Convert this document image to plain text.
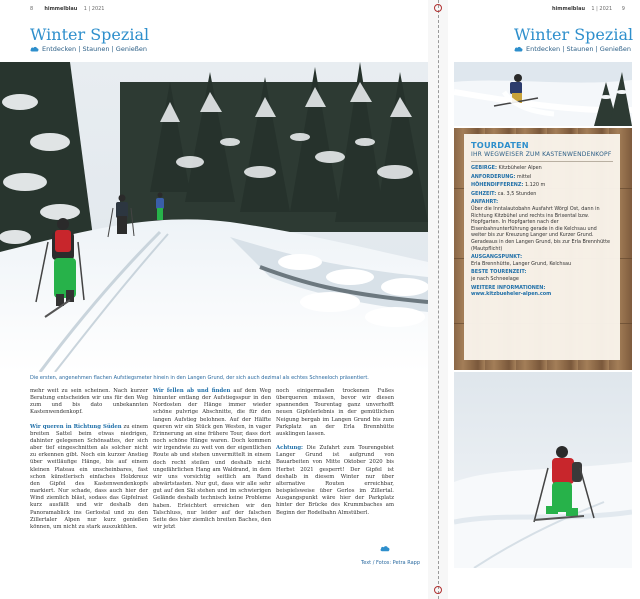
8 himmelblau 1 | 2021
Winter Spezial
Entdecken | Staunen | Genießen
Die ersten, angenehmen flachen Aufstiegsmeter hinein in den Langen Grund, der sich auch dezimal als echtes Schneeloch präsentiert.

mehr weit zu sein scheinen. Nach kurzer Beratung entscheiden wir uns für den Weg zum und bis dato unbekannten Kastenwendenkopf.

Wir queren in Richtung Süden zu einem breiten Sattel beim etwas niedrigen, dahinter gelegenen Schönsattes, der sich aber tief eingeschnitten als solcher nicht zu erkennen gibt. Noch ein kurzer Anstieg über weitläufige Hänge, bis auf einem kleinen Plateau ein unscheinbares, fast schon künstlerisch einfaches Holzkreuz den Gipfel des Kastenwendenkopfs markiert. Nur schade, dass auch hier der Wind ziemlich bläst, sodass das Gipfelrast kurz ausfällt und wir deshalb den Panoramablick ins Gerlostal und zu den Zillertaler Alpen nur kurz genießen können, um nicht zu stark auszukühlen.

Wir fellen ab und finden auf dem Weg hinunter entlang der Aufstiegsspur in den Nordosten der Hänge immer wieder schöne pulvrige Abschnitte, die für den langen Aufstieg belohnen. Auf der Hälfte queren wir ein Stück gen Westen, in vager Erinnerung an eine frühere Tour, dass dort noch schöne Hänge waren. Doch kommen wir irgendwie zu weit von der eigentlichen Route ab und stehen unvermittelt in einem doch recht steilen und deshalb nicht ungefährlichen Hang am Waldrand, in dem wir uns vorsichtig seitlich am Rand abwärtstasten. Nur gut, dass wir alle sehr gut auf den Ski stehen und im schwierigen Gelände deshalb technisch keine Probleme haben. Erleichtert erreichen wir den Talschluss, nur leider auf der falschen Seite des hier ziemlich breiten Baches, den wir jetzt

noch einigermaßen trockenen Fußes überqueren müssen, bevor wir diesen spannenden Tourentag ganz unverhofft neuen Gipfelerlebnis in der gemütlichen Neigung bergab im Langen Grund bis zum Parkplatz an der Erla Brennhütte ausklingen lassen.

Achtung: Die Zufahrt zum Tourengebiet Langer Grund ist aufgrund von Bauarbeiten von Mitte Oktober 2020 bis Herbst 2021 gesperrt! Der Gipfel ist deshalb in diesem Winter nur über alternative Routen erreichbar, beispielsweise über Gerlos im Zillertal. Ausgangspunkt wäre hier der Parkplatz hinter der Brücke des Krummbaches am Beginn der Rodelbahn Almstüberl.

Text / Fotos: Petra Rapp
himmelblau 1 | 2021 9
Winter Spezial
Entdecken | Staunen | Genießen
TOURDATEN
IHR WEGWEISER ZUM KASTENWENDENKOPF
GEBIRGE: Kitzbüheler Alpen
ANFORDERUNG: mittel
HÖHENDIFFERENZ: 1.120 m
GEHZEIT: ca. 3,5 Stunden
ANFAHRT:
Über die Inntalautobahn Ausfahrt Wörgl Ost, dann in Richtung Kitzbühel und rechts ins Brixental bzw. Hopfgarten. In Hopfgarten nach der Eisenbahnunterführung gerade in die Kelchsau und weiter bis zur Kreuzung Langer und Kurzer Grund. Geradeaus in den Langen Grund, bis zur Erla Brennhütte (Mautpflicht)
AUSGANGSPUNKT:
Erla Brennhütte, Langer Grund, Kelchsau
BESTE TOURENZEIT:
je nach Schneelage
WEITERE INFORMATIONEN:
www.kitzbueheler-alpen.com
